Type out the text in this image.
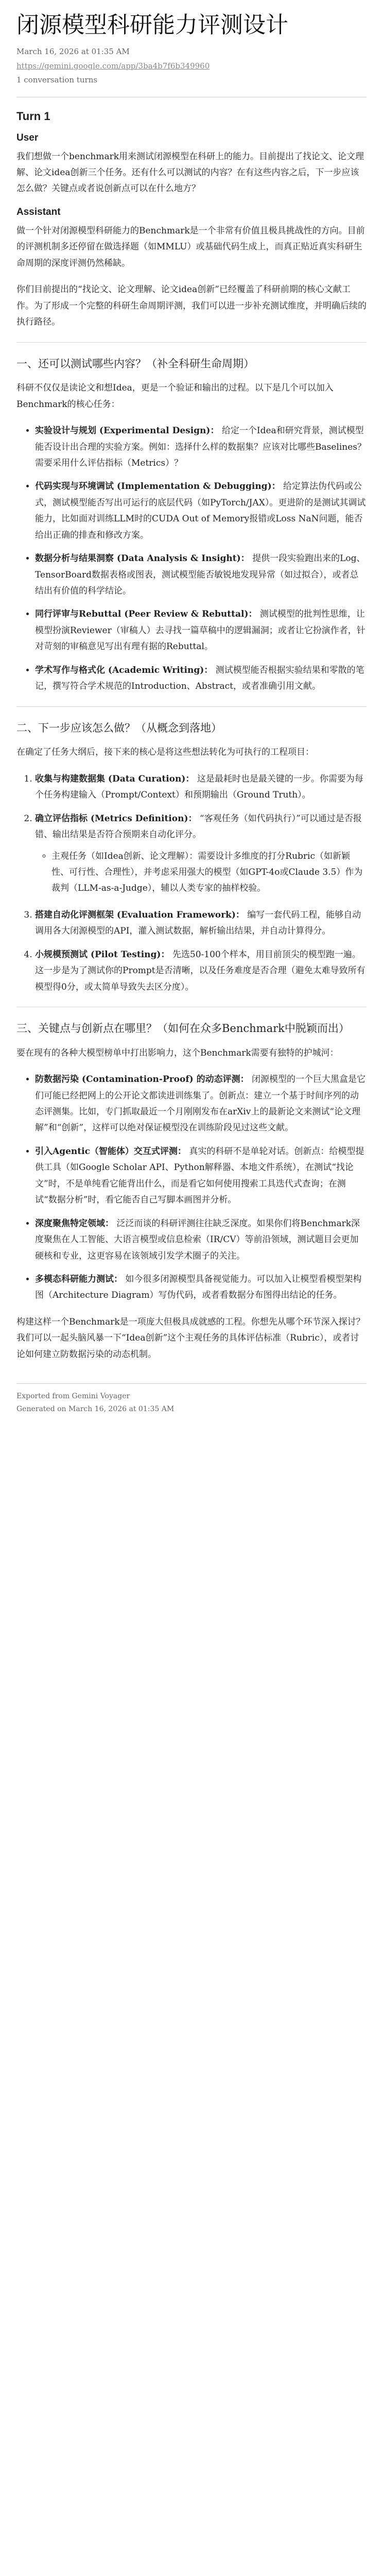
闭源模型科研能力评测设计
March 16, 2026 at 01:35 AM
https://gemini.google.com/app/3ba4b7f6b349960
1 conversation turns
Turn 1
User
我们想做一个benchmark用来测试闭源模型在科研上的能力。目前提出了找论文、论文理解、论文idea创新三个任务。还有什么可以测试的内容？在有这些内容之后，下一步应该怎么做？关键点或者说创新点可以在什么地方？
Assistant

做一个针对闭源模型科研能力的Benchmark是一个非常有价值且极具挑战性的方向。目前的评测机制多还停留在做选择题（如MMLU）或基础代码生成上，而真正贴近真实科研生命周期的深度评测仍然稀缺。

你们目前提出的“找论文、论文理解、论文idea创新”已经覆盖了科研前期的核心文献工作。为了形成一个完整的科研生命周期评测，我们可以进一步补充测试维度，并明确后续的执行路径。

一、还可以测试哪些内容？（补全科研生命周期）

科研不仅仅是读论文和想Idea，更是一个验证和输出的过程。以下是几个可以加入Benchmark的核心任务：

• 实验设计与规划 (Experimental Design)： 给定一个Idea和研究背景，测试模型能否设计出合理的实验方案。例如：选择什么样的数据集？应该对比哪些Baselines？需要采用什么评估指标（Metrics）？
• 代码实现与环境调试 (Implementation & Debugging)： 给定算法伪代码或公式，测试模型能否写出可运行的底层代码（如PyTorch/JAX）。更进阶的是测试其调试能力，比如面对训练LLM时的CUDA Out of Memory报错或Loss NaN问题，能否给出正确的排查和修改方案。
• 数据分析与结果洞察 (Data Analysis & Insight)： 提供一段实验跑出来的Log、TensorBoard数据表格或图表，测试模型能否敏锐地发现异常（如过拟合），或者总结出有价值的科学结论。
• 同行评审与Rebuttal (Peer Review & Rebuttal)： 测试模型的批判性思维，让模型扮演Reviewer（审稿人）去寻找一篇草稿中的逻辑漏洞；或者让它扮演作者，针对苛刻的审稿意见写出有理有据的Rebuttal。
• 学术写作与格式化 (Academic Writing)： 测试模型能否根据实验结果和零散的笔记，撰写符合学术规范的Introduction、Abstract，或者准确引用文献。
二、下一步应该怎么做？（从概念到落地）

在确定了任务大纲后，接下来的核心是将这些想法转化为可执行的工程项目：

1. 收集与构建数据集 (Data Curation)： 这是最耗时也是最关键的一步。你需要为每个任务构建输入（Prompt/Context）和预期输出（Ground Truth）。
2. 确立评估指标 (Metrics Definition)： “客观任务（如代码执行）”可以通过是否报错、输出结果是否符合预期来自动化评分。
◦ 主观任务（如Idea创新、论文理解）：需要设计多维度的打分Rubric（如新颖性、可行性、合理性），并考虑采用强大的模型（如GPT-4o或Claude 3.5）作为裁判（LLM-as-a-Judge），辅以人类专家的抽样校验。
3. 搭建自动化评测框架 (Evaluation Framework)： 编写一套代码工程，能够自动调用各大闭源模型的API，灌入测试数据，解析输出结果，并自动计算得分。
4. 小规模预测试 (Pilot Testing)： 先选50-100个样本，用目前顶尖的模型跑一遍。这一步是为了测试你的Prompt是否清晰，以及任务难度是否合理（避免太难导致所有模型得0分，或太简单导致失去区分度）。
三、关键点与创新点在哪里？（如何在众多Benchmark中脱颖而出）

要在现有的各种大模型榜单中打出影响力，这个Benchmark需要有独特的护城河：

• 防数据污染 (Contamination-Proof) 的动态评测： 闭源模型的一个巨大黑盒是它们可能已经把网上的公开论文都读进训练集了。创新点：建立一个基于时间序列的动态评测集。比如，专门抓取最近一个月刚刚发布在arXiv上的最新论文来测试“论文理解”和“创新”，这样可以绝对保证模型没在训练阶段见过这些文献。
• 引入Agentic（智能体）交互式评测： 真实的科研不是单轮对话。创新点：给模型提供工具（如Google Scholar API、Python解释器、本地文件系统），在测试“找论文”时，不是单纯看它能背出什么，而是看它如何使用搜索工具迭代式查询；在测试“数据分析”时，看它能否自己写脚本画图并分析。
• 深度聚焦特定领域： 泛泛而谈的科研评测往往缺乏深度。如果你们将Benchmark深度聚焦在人工智能、大语言模型或信息检索（IR/CV）等前沿领域，测试题目会更加硬核和专业，这更容易在该领域引发学术圈子的关注。
• 多模态科研能力测试： 如今很多闭源模型具备视觉能力。可以加入让模型看模型架构图（Architecture Diagram）写伪代码，或者看数据分布图得出结论的任务。

构建这样一个Benchmark是一项庞大但极具成就感的工程。你想先从哪个环节深入探讨？我们可以一起头脑风暴一下“Idea创新”这个主观任务的具体评估标准（Rubric），或者讨论如何建立防数据污染的动态机制。

Exported from Gemini Voyager
Generated on March 16, 2026 at 01:35 AM
